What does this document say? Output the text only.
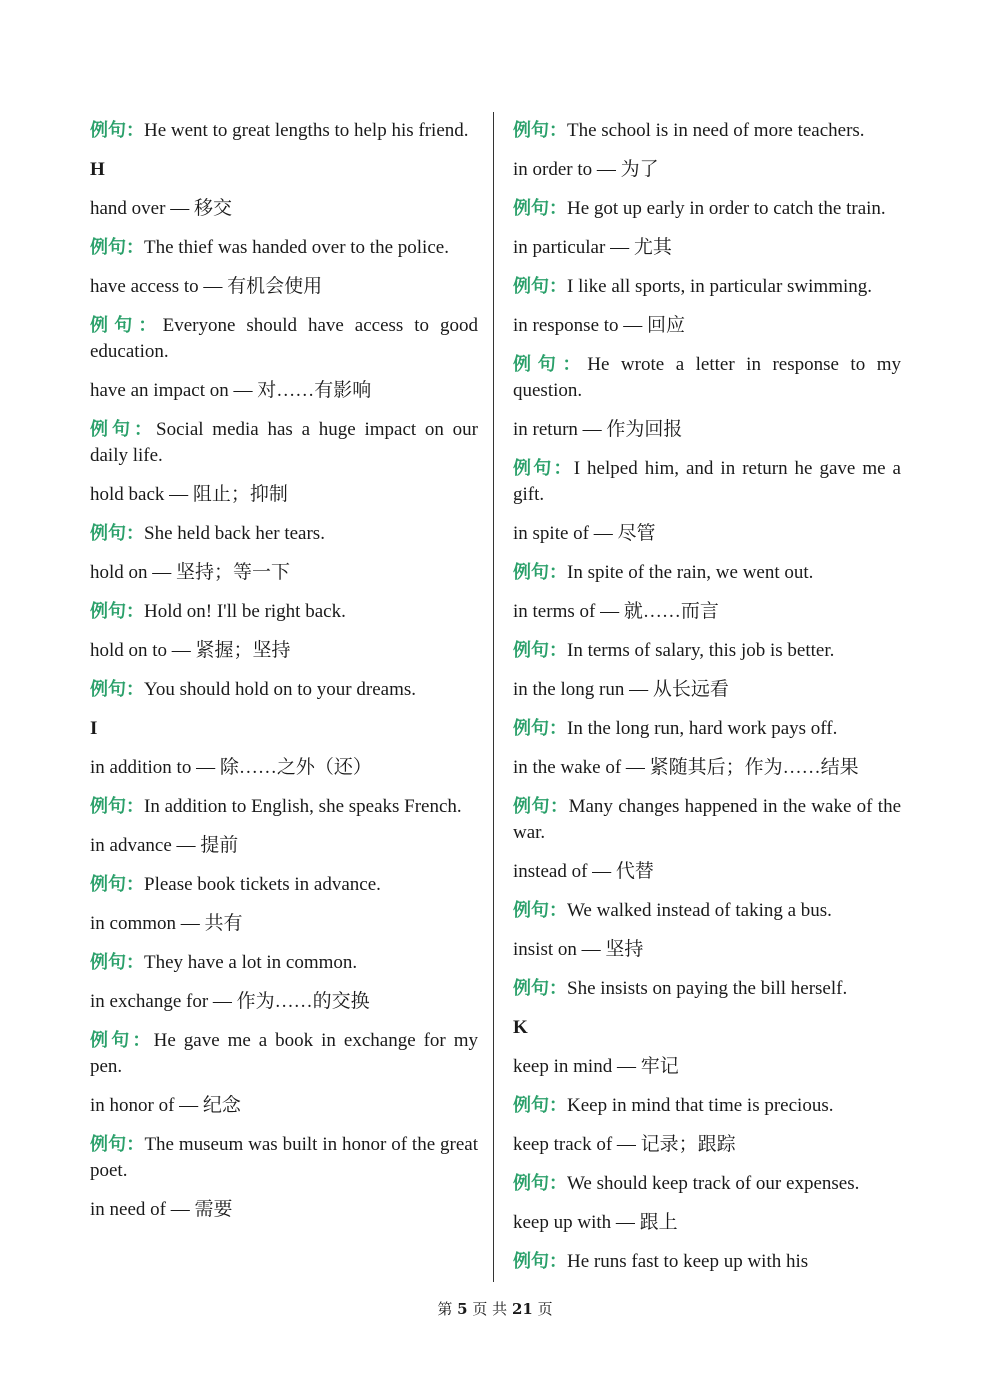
例句：He went to great lengths to help his friend.
H
hand over — 移交
例句：The thief was handed over to the police.
have access to — 有机会使用
例句：Everyone should have access to good education.
have an impact on — 对……有影响
例句：Social media has a huge impact on our daily life.
hold back — 阻止；抑制
例句：She held back her tears.
hold on — 坚持；等一下
例句：Hold on! I'll be right back.
hold on to — 紧握；坚持
例句：You should hold on to your dreams.
I
in addition to — 除……之外（还）
例句：In addition to English, she speaks French.
in advance — 提前
例句：Please book tickets in advance.
in common — 共有
例句：They have a lot in common.
in exchange for — 作为……的交换
例句：He gave me a book in exchange for my pen.
in honor of — 纪念
例句：The museum was built in honor of the great poet.
in need of — 需要
例句：The school is in need of more teachers.
in order to — 为了
例句：He got up early in order to catch the train.
in particular — 尤其
例句：I like all sports, in particular swimming.
in response to — 回应
例句：He wrote a letter in response to my question.
in return — 作为回报
例句：I helped him, and in return he gave me a gift.
in spite of — 尽管
例句：In spite of the rain, we went out.
in terms of — 就……而言
例句：In terms of salary, this job is better.
in the long run — 从长远看
例句：In the long run, hard work pays off.
in the wake of — 紧随其后；作为……结果
例句：Many changes happened in the wake of the war.
instead of — 代替
例句：We walked instead of taking a bus.
insist on — 坚持
例句：She insists on paying the bill herself.
K
keep in mind — 牢记
例句：Keep in mind that time is precious.
keep track of — 记录；跟踪
例句：We should keep track of our expenses.
keep up with — 跟上
例句：He runs fast to keep up with his
第 5 页 共 21 页
